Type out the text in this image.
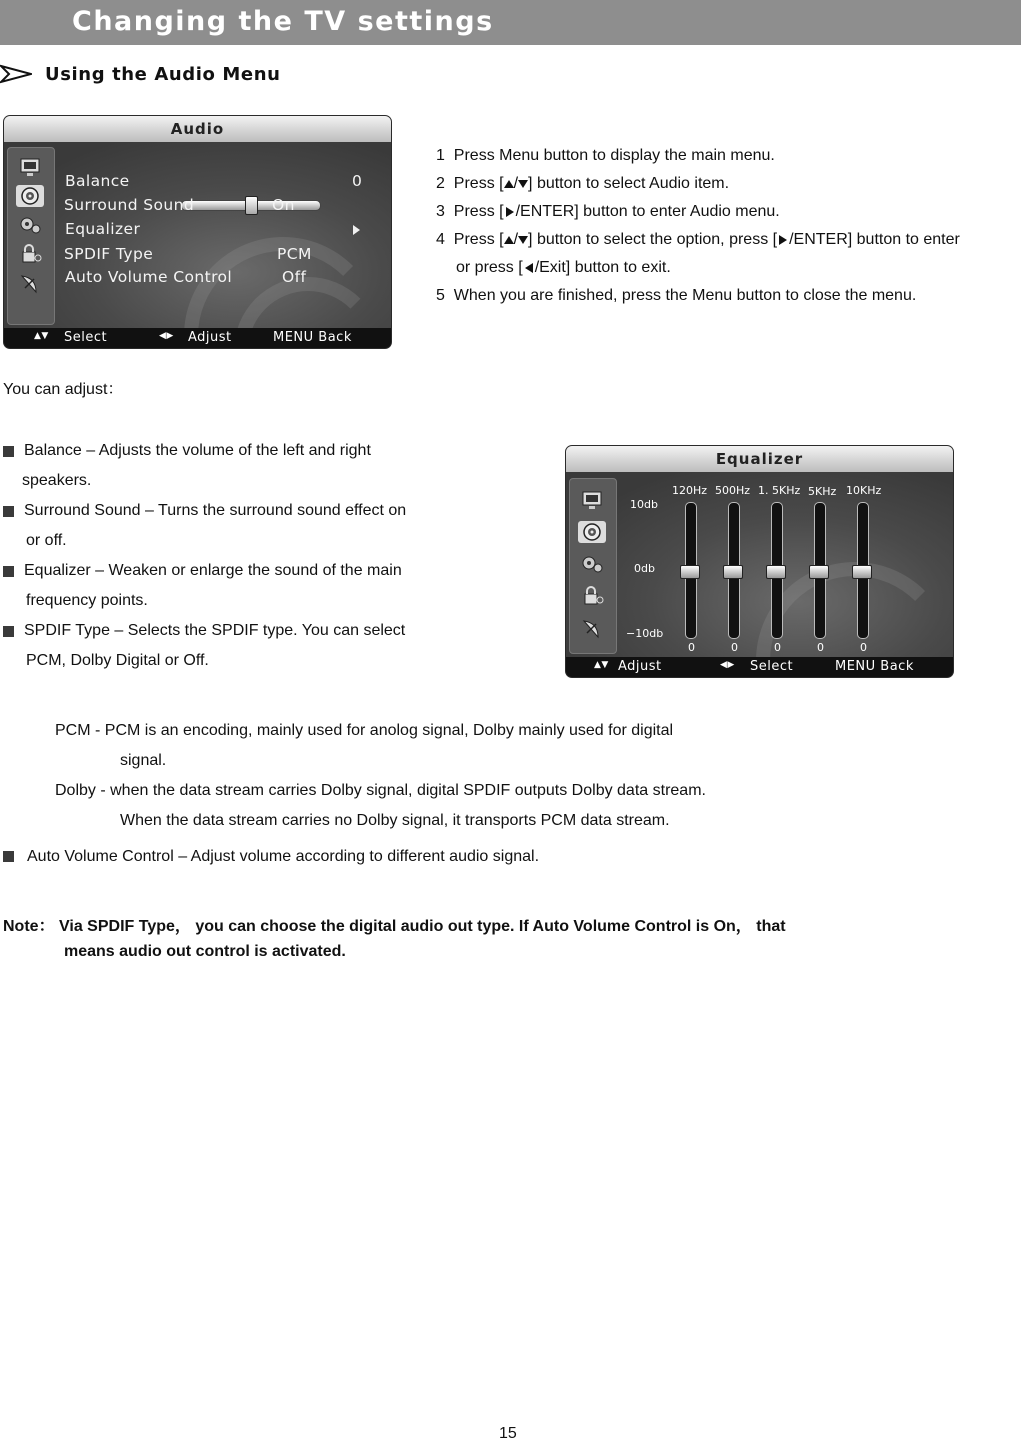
Changing the TV settings
Using the Audio Menu
Audio
Balance	0
Surround Sound	On
Equalizer
SPDIF Type	PCM
Auto Volume Control	Off
▲▼ Select	◀▶ Adjust	MENU Back
1 Press Menu button to display the main menu.
2 Press [ / ] button to select Audio item.
3 Press [ /ENTER] button to enter Audio menu.
4 Press [ / ] button to select the option, press [ /ENTER] button to enter
or press [ /Exit] button to exit.
5 When you are finished, press the Menu button to close the menu.
You can adjust：
Balance – Adjusts the volume of the left and right
speakers.
Surround Sound – Turns the surround sound effect on
or off.
Equalizer – Weaken or enlarge the sound of the main
frequency points.
SPDIF Type – Selects the SPDIF type. You can select
PCM, Dolby Digital or Off.
Equalizer
10db
0db
−10db
120Hz 500Hz 1. 5KHz 5KHz 10KHz
0	0	0	0	0
▲▼ Adjust	◀▶ Select	MENU Back
PCM - PCM is an encoding, mainly used for anolog signal, Dolby mainly used for digital
signal.
Dolby - when the data stream carries Dolby signal, digital SPDIF outputs Dolby data stream.
When the data stream carries no Dolby signal, it transports PCM data stream.
Auto Volume Control – Adjust volume according to different audio signal.
Note： Via SPDIF Type， you can choose the digital audio out type. If Auto Volume Control is On， that
means audio out control is activated.
15
